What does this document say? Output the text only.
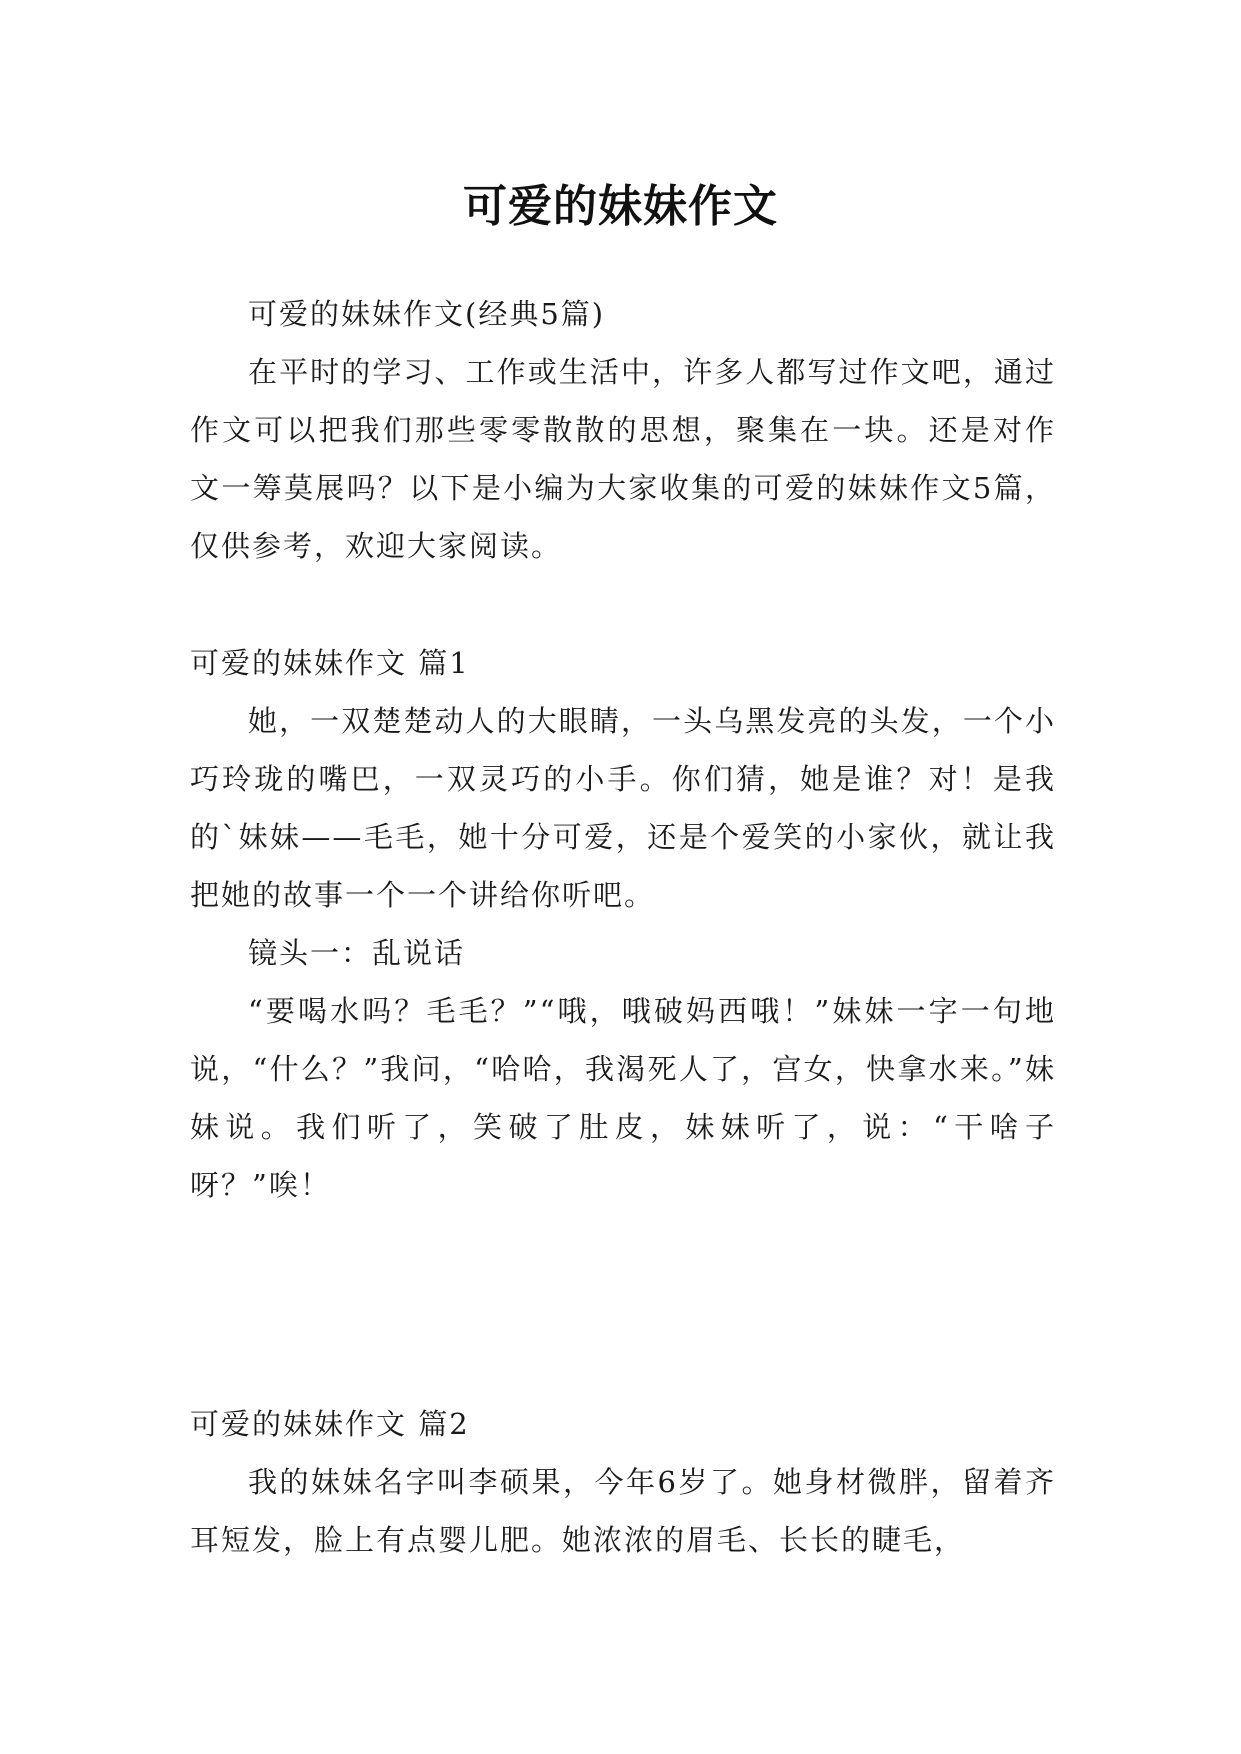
可爱的妹妹作文

可爱的妹妹作文(经典5篇)

在平时的学习、工作或生活中，许多人都写过作文吧，通过作文可以把我们那些零零散散的思想，聚集在一块。还是对作文一筹莫展吗？以下是小编为大家收集的可爱的妹妹作文5篇，仅供参考，欢迎大家阅读。

可爱的妹妹作文 篇1

她，一双楚楚动人的大眼睛，一头乌黑发亮的头发，一个小巧玲珑的嘴巴，一双灵巧的小手。你们猜，她是谁？对！是我的`妹妹——毛毛，她十分可爱，还是个爱笑的小家伙，就让我把她的故事一个一个讲给你听吧。

镜头一：乱说话

“要喝水吗？毛毛？”“哦，哦破妈西哦！”妹妹一字一句地说，“什么？”我问，“哈哈，我渴死人了，宫女，快拿水来。”妹妹说。我们听了，笑破了肚皮，妹妹听了，说：“干啥子呀？”唉！

可爱的妹妹作文 篇2

我的妹妹名字叫李硕果，今年6岁了。她身材微胖，留着齐耳短发，脸上有点婴儿肥。她浓浓的眉毛、长长的睫毛，
